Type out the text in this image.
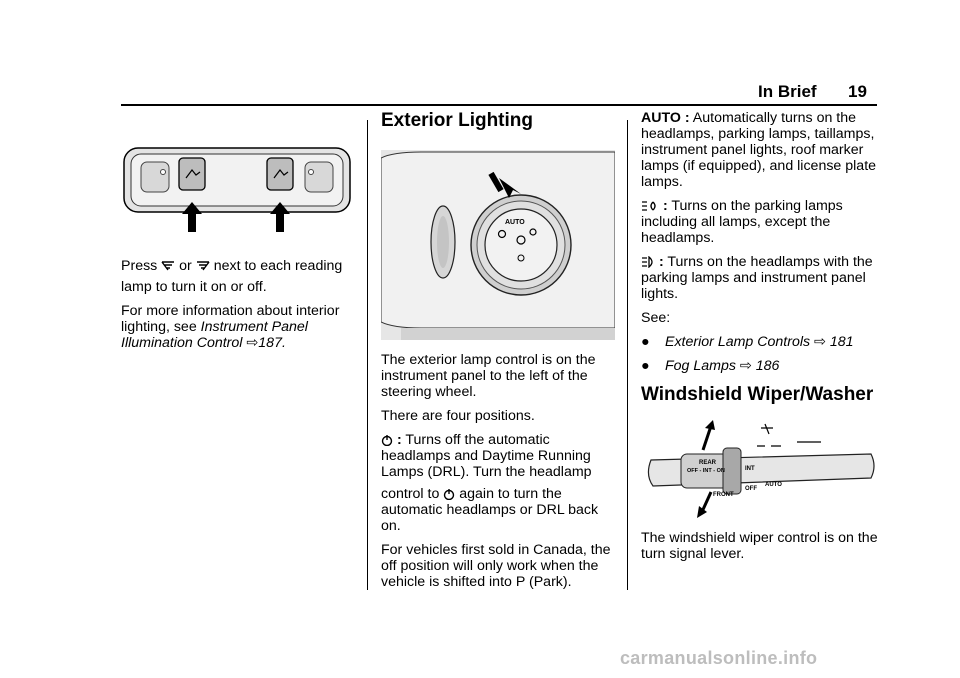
In Brief 19

Press or next to each reading

lamp to turn it on or off.

For more information about interior lighting, see Instrument Panel Illumination Control ⇨187.

Exterior Lighting
AUTO

The exterior lamp control is on the instrument panel to the left of the steering wheel.

There are four positions.

: Turns off the automatic headlamps and Daytime Running Lamps (DRL). Turn the headlamp

control to again to turn the automatic headlamps or DRL back on.

For vehicles first sold in Canada, the off position will only work when the vehicle is shifted into P (Park).

AUTO : Automatically turns on the headlamps, parking lamps, taillamps, instrument panel lights, roof marker lamps (if equipped), and license plate lamps.

: Turns on the parking lamps including all lamps, except the headlamps.

: Turns on the headlamps with the parking lamps and instrument panel lights.

See:

●	Exterior Lamp Controls ⇨ 181
●	Fog Lamps ⇨ 186
Windshield Wiper/Washer
REAR
OFF - INT - ON	INT
OFF
AUTO
FRONT

The windshield wiper control is on the turn signal lever.

carmanualsonline.info
